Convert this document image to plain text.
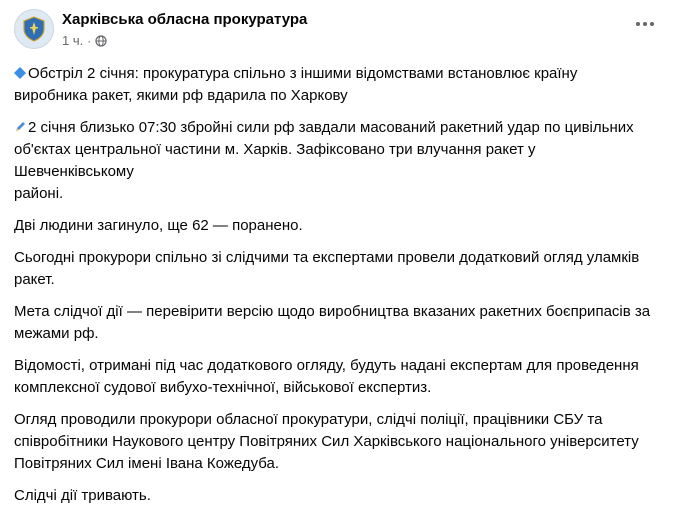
Харківська обласна прокуратура
1 ч. ·

Обстріл 2 січня: прокуратура спільно з іншими відомствами встановлює країну
виробника ракет, якими рф вдарила по Харкову

2 січня близько 07:30 збройні сили рф завдали масований ракетний удар по цивільних
об'єктах центральної частини м. Харків. Зафіксовано три влучання ракет у Шевченківському
районі.

Дві людини загинуло, ще 62 — поранено.

Сьогодні прокурори спільно зі слідчими та експертами провели додатковий огляд уламків
ракет.

Мета слідчої дії — перевірити версію щодо виробництва вказаних ракетних боєприпасів за
межами рф.

Відомості, отримані під час додаткового огляду, будуть надані експертам для проведення
комплексної судової вибухо-технічної, військової експертиз.

Огляд проводили прокурори обласної прокуратури, слідчі поліції, працівники СБУ та
співробітники Наукового центру Повітряних Сил Харківського національного університету
Повітряних Сил імені Івана Кожедуба.

Слідчі дії тривають.
